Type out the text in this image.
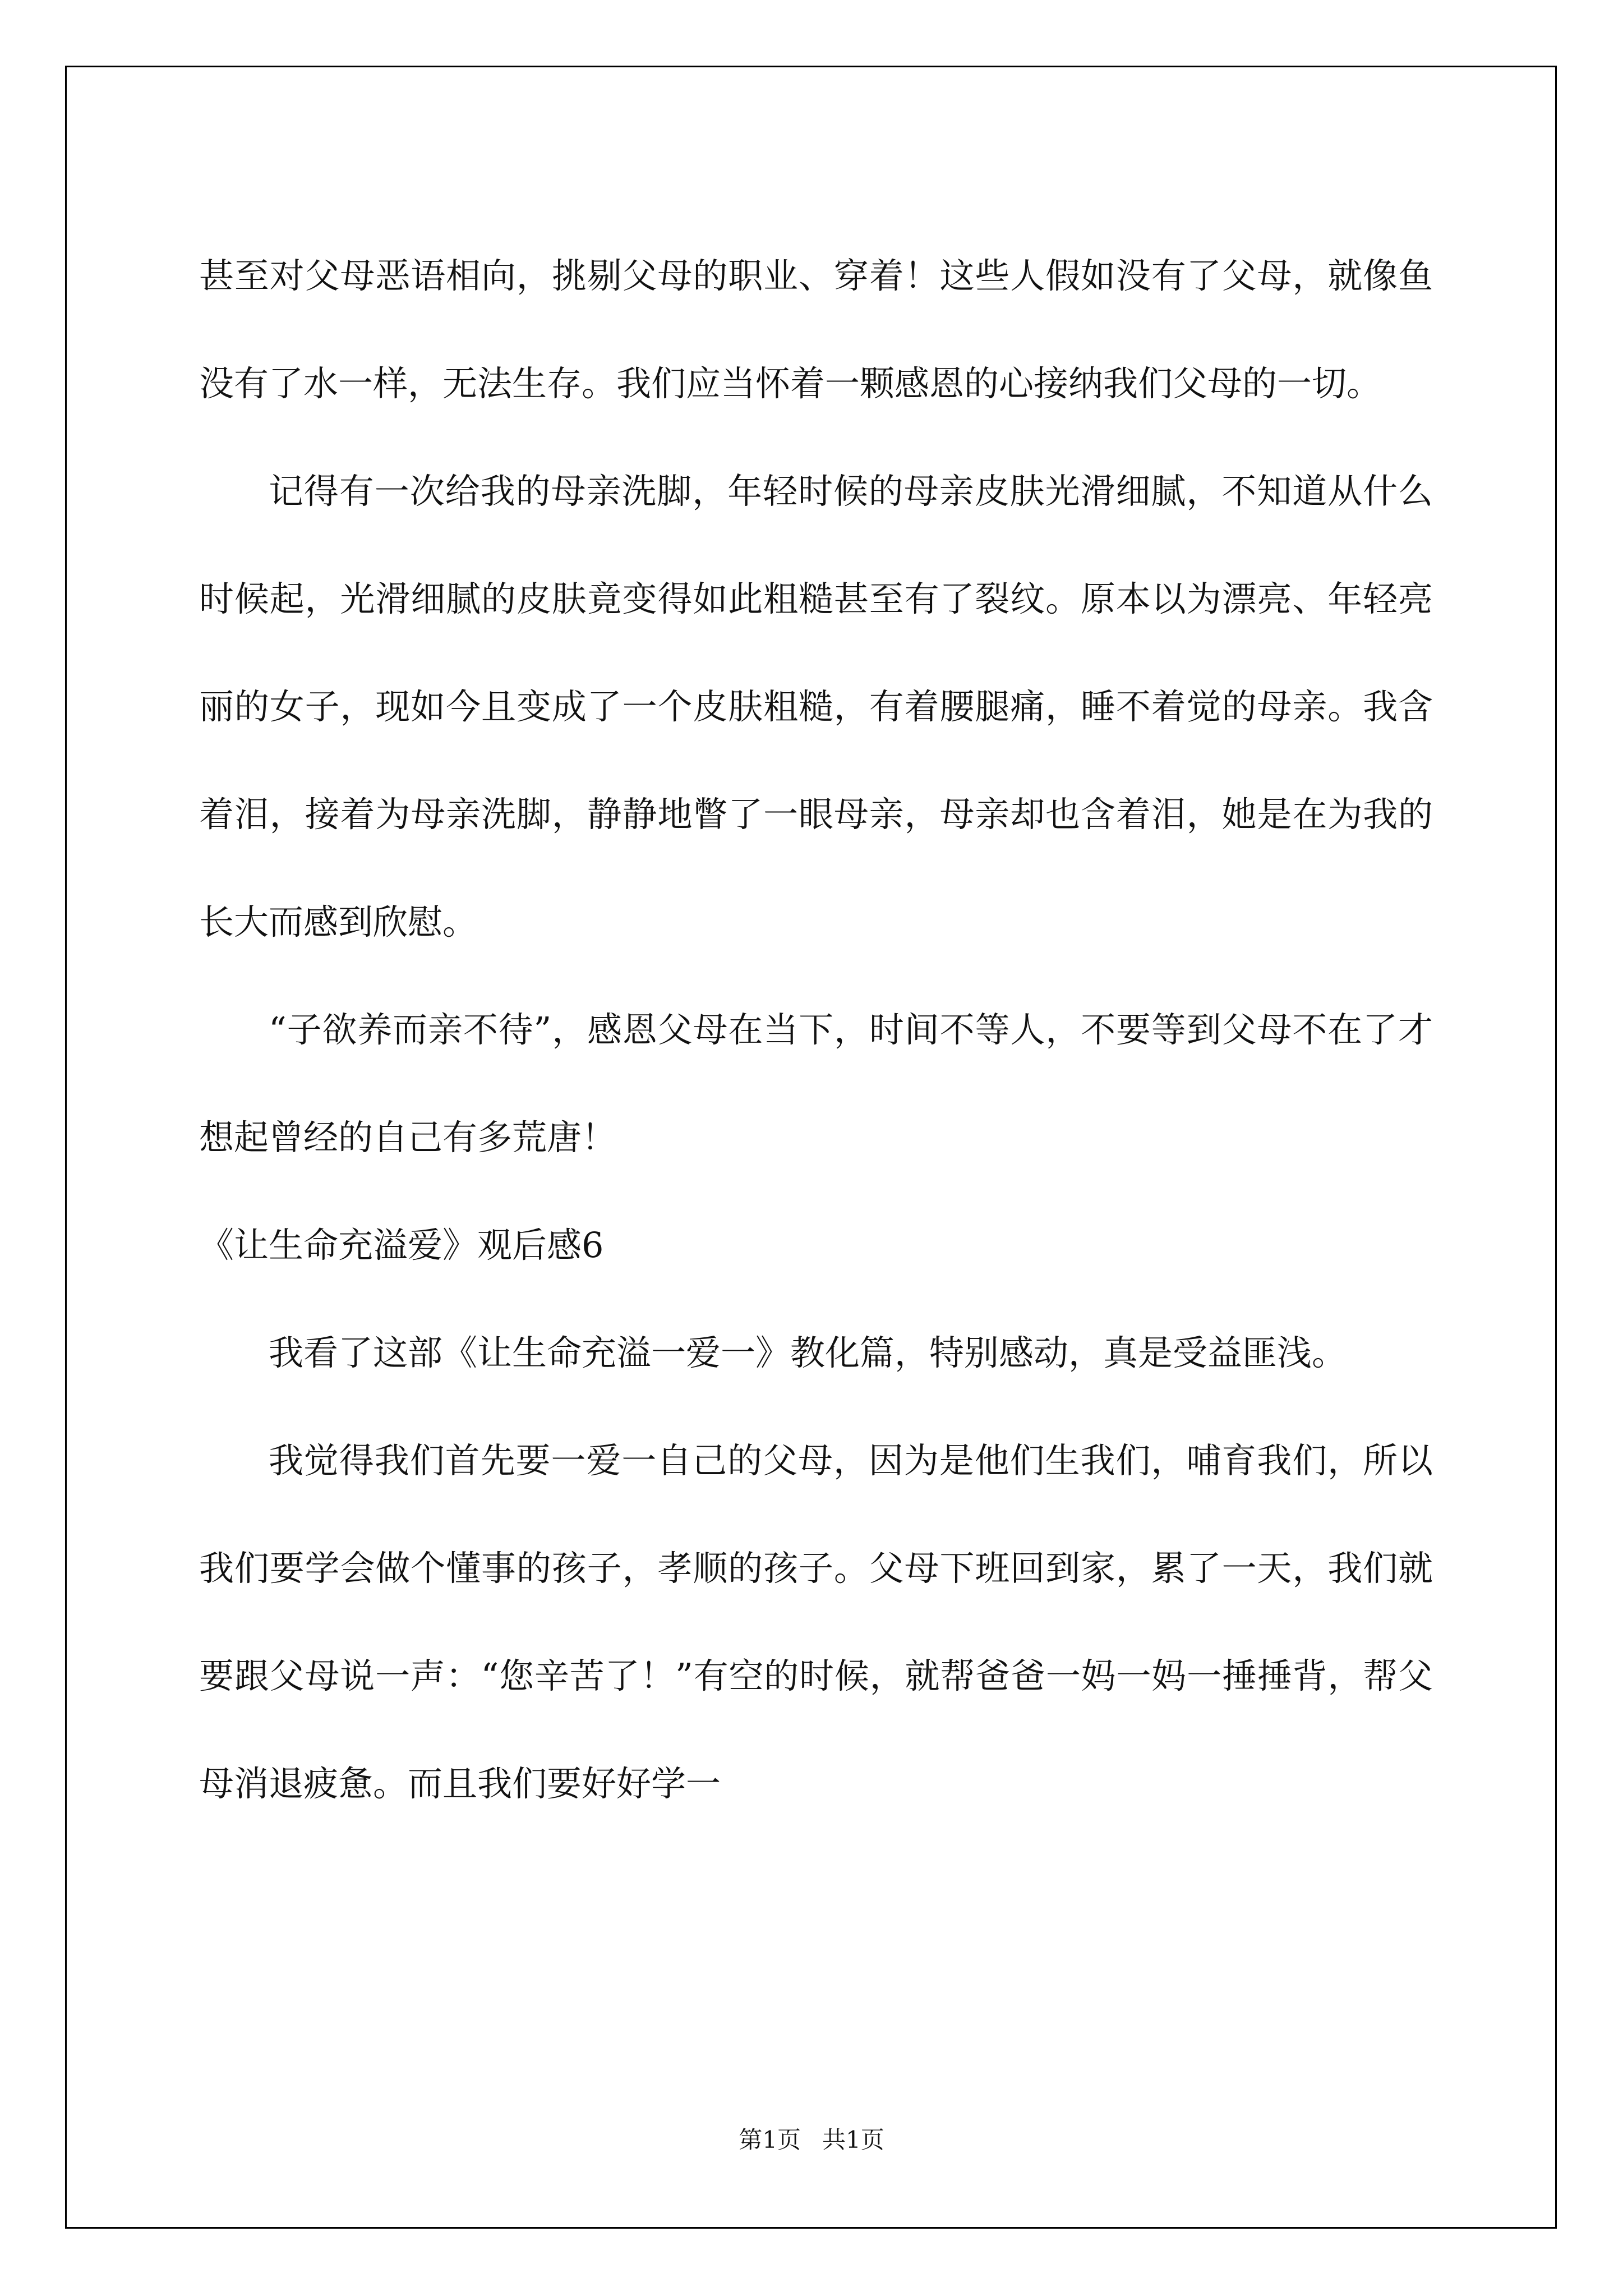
甚至对父母恶语相向，挑剔父母的职业、穿着！这些人假如没有了父母，就像鱼没有了水一样，无法生存。我们应当怀着一颗感恩的心接纳我们父母的一切。

记得有一次给我的母亲洗脚，年轻时候的母亲皮肤光滑细腻，不知道从什么时候起，光滑细腻的皮肤竟变得如此粗糙甚至有了裂纹。原本以为漂亮、年轻亮丽的女子，现如今且变成了一个皮肤粗糙，有着腰腿痛，睡不着觉的母亲。我含着泪，接着为母亲洗脚，静静地瞥了一眼母亲，母亲却也含着泪，她是在为我的长大而感到欣慰。

“子欲养而亲不待”，感恩父母在当下，时间不等人，不要等到父母不在了才想起曾经的自己有多荒唐！

《让生命充溢爱》观后感6

我看了这部《让生命充溢一爱一》教化篇，特别感动，真是受益匪浅。

我觉得我们首先要一爱一自己的父母，因为是他们生我们，哺育我们，所以我们要学会做个懂事的孩子，孝顺的孩子。父母下班回到家，累了一天，我们就要跟父母说一声：“您辛苦了！”有空的时候，就帮爸爸一妈一妈一捶捶背，帮父母消退疲惫。而且我们要好好学一

第1页 共1页
